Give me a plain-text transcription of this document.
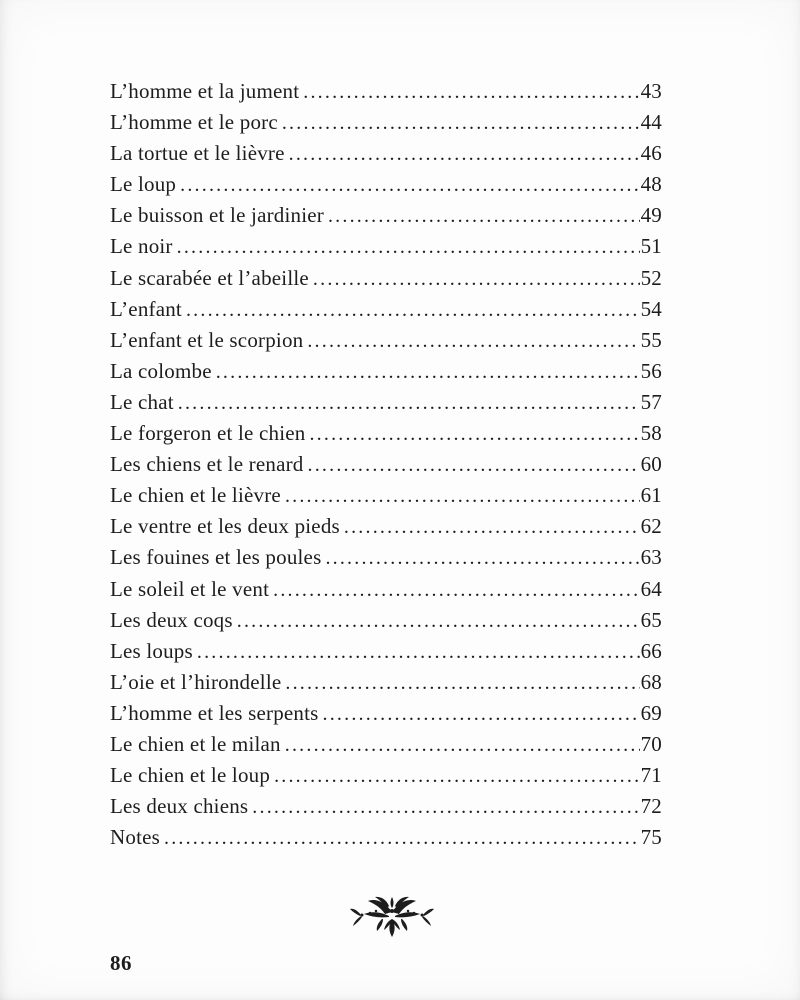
L’homme et la jument .....	43
L’homme et le porc .....	44
La tortue et le lièvre .....	46
Le loup .....	48
Le buisson et le jardinier .....	49
Le noir .....	51
Le scarabée et l’abeille .....	52
L’enfant .....	54
L’enfant et le scorpion .....	55
La colombe .....	56
Le chat .....	57
Le forgeron et le chien .....	58
Les chiens et le renard .....	60
Le chien et le lièvre .....	61
Le ventre et les deux pieds .....	62
Les fouines et les poules .....	63
Le soleil et le vent .....	64
Les deux coqs .....	65
Les loups .....	66
L’oie et l’hirondelle .....	68
L’homme et les serpents .....	69
Le chien et le milan .....	70
Le chien et le loup .....	71
Les deux chiens .....	72
Notes .....	75
86
